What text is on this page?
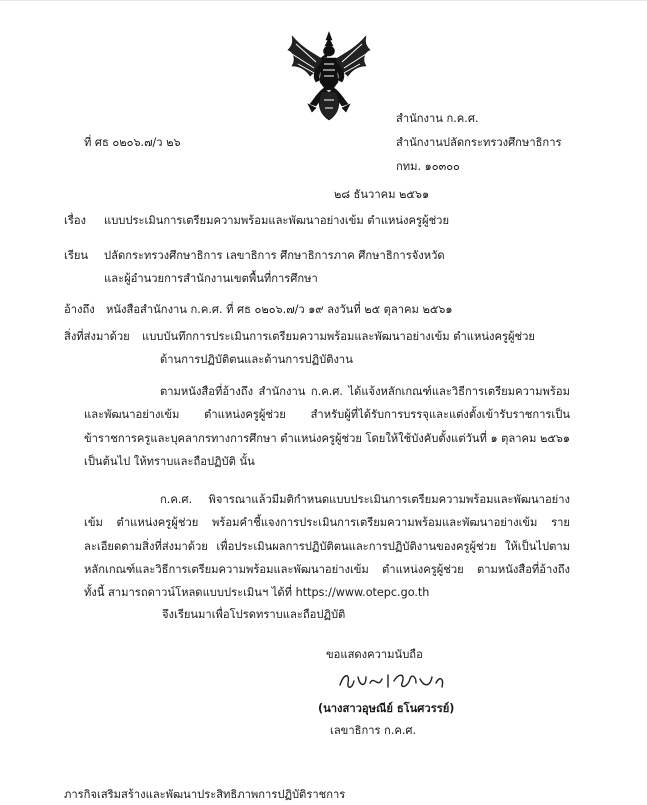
ที่ ศธ ๐๒๐๖.๗/ว ๒๖
สำนักงาน ก.ค.ศ.
สำนักงานปลัดกระทรวงศึกษาธิการ
กทม. ๑๐๓๐๐
๒๘ ธันวาคม ๒๕๖๑
เรื่อง แบบประเมินการเตรียมความพร้อมและพัฒนาอย่างเข้ม ตำแหน่งครูผู้ช่วย
เรียน ปลัดกระทรวงศึกษาธิการ เลขาธิการ ศึกษาธิการภาค ศึกษาธิการจังหวัด
และผู้อำนวยการสำนักงานเขตพื้นที่การศึกษา
อ้างถึง หนังสือสำนักงาน ก.ค.ศ. ที่ ศธ ๐๒๐๖.๗/ว ๑๙ ลงวันที่ ๒๕ ตุลาคม ๒๕๖๑
สิ่งที่ส่งมาด้วย แบบบันทึกการประเมินการเตรียมความพร้อมและพัฒนาอย่างเข้ม ตำแหน่งครูผู้ช่วย
ด้านการปฏิบัติตนและด้านการปฏิบัติงาน
ตามหนังสือที่อ้างถึง สำนักงาน ก.ค.ศ. ได้แจ้งหลักเกณฑ์และวิธีการเตรียมความพร้อมและพัฒนาอย่างเข้ม ตำแหน่งครูผู้ช่วย สำหรับผู้ที่ได้รับการบรรจุและแต่งตั้งเข้ารับราชการเป็นข้าราชการครูและบุคลากรทางการศึกษา ตำแหน่งครูผู้ช่วย โดยให้ใช้บังคับตั้งแต่วันที่ ๑ ตุลาคม ๒๕๖๑ เป็นต้นไป ให้ทราบและถือปฏิบัติ นั้น
ก.ค.ศ. พิจารณาแล้วมีมติกำหนดแบบประเมินการเตรียมความพร้อมและพัฒนาอย่างเข้ม ตำแหน่งครูผู้ช่วย พร้อมคำชี้แจงการประเมินการเตรียมความพร้อมและพัฒนาอย่างเข้ม รายละเอียดตามสิ่งที่ส่งมาด้วย เพื่อประเมินผลการปฏิบัติตนและการปฏิบัติงานของครูผู้ช่วย ให้เป็นไปตามหลักเกณฑ์และวิธีการเตรียมความพร้อมและพัฒนาอย่างเข้ม ตำแหน่งครูผู้ช่วย ตามหนังสือที่อ้างถึง ทั้งนี้ สามารถดาวน์โหลดแบบประเมินฯ ได้ที่ https://www.otepc.go.th
จึงเรียนมาเพื่อโปรดทราบและถือปฏิบัติ
ขอแสดงความนับถือ
(นางสาวอุษณีย์ ธโนศวรรย์)
เลขาธิการ ก.ค.ศ.
ภารกิจเสริมสร้างและพัฒนาประสิทธิภาพการปฏิบัติราชการ
